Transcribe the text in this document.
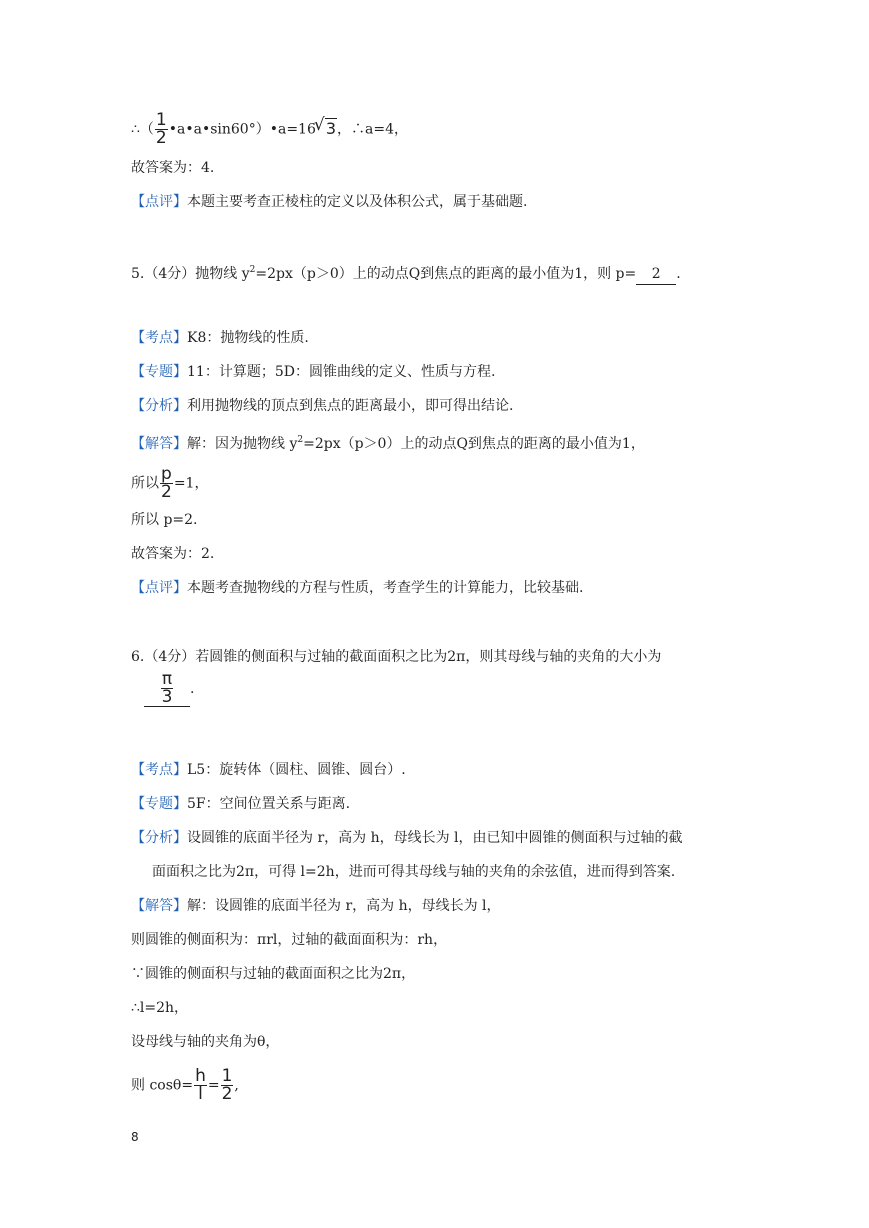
∴（ $\frac{1}{2}$ •a•a•sin60°）•a=16
√ 3，∴a=4，
故答案为：4.
【点评】本题主要考查正棱柱的定义以及体积公式，属于基础题.
5.（4分）抛物线 $y^2=2px(p>0)$上的动点Q到焦点的距离的最小值为1，则 p= 2 .
【考点】K8：抛物线的性质.
【专题】11：计算题；5D：圆锥曲线的定义、性质与方程.
【分析】利用抛物线的顶点到焦点的距离最小，即可得出结论.
【解答】解：因为抛物线 $y^2=2px(p>0)$上的动点Q到焦点的距离的最小值为1，
所以 $\frac{p}{2} =1$，
所以 p=2.
故答案为：2.
【点评】本题考查抛物线的方程与性质，考查学生的计算能力，比较基础.
6.（4分）若圆锥的侧面积与过轴的截面面积之比为2π，则其母线与轴的夹角的大小为
$\frac{\pi}{3}$ .
【考点】L5：旋转体（圆柱、圆锥、圆台）.
【专题】5F：空间位置关系与距离.
【分析】设圆锥的底面半径为 r，高为 h，母线长为 l，由已知中圆锥的侧面积与过轴的截
面面积之比为2π，可得 l=2h，进而可得其母线与轴的夹角的余弦值，进而得到答案.
【解答】解：设圆锥的底面半径为 r，高为 h，母线长为 l，
则圆锥的侧面积为：πrl，过轴的截面面积为：rh，
∵圆锥的侧面积与过轴的截面面积之比为2π，
∴l=2h，
设母线与轴的夹角为θ，
则 $\cos\theta= \frac{h}{l} = \frac{1}{2}$ ,
8
